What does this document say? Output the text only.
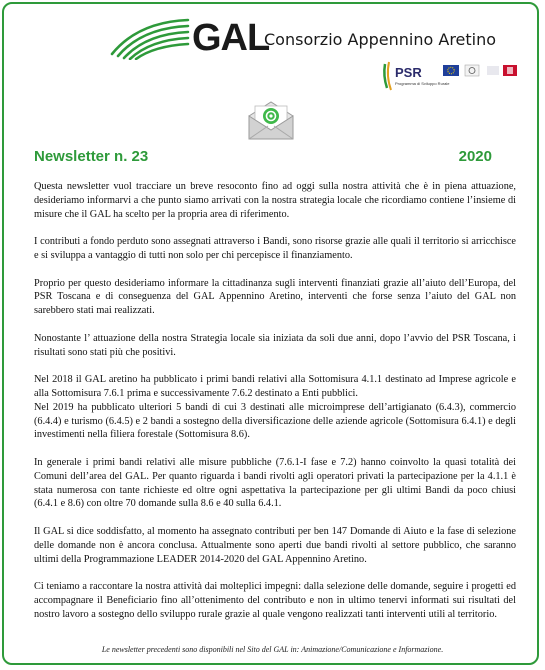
GAL
Consorzio Appennino Aretino
PSR
Programma di Sviluppo Rurale
Newsletter n. 23	2020

Questa newsletter vuol tracciare un breve resoconto fino ad oggi sulla nostra attività che è in piena attuazione, desideriamo informarvi a che punto siamo arrivati con la nostra strategia locale che ricordiamo contiene l’insieme di misure che il GAL ha scelto per la propria area di riferimento.

I contributi a fondo perduto sono assegnati attraverso i Bandi, sono risorse grazie alle quali il territorio si arricchisce e si sviluppa a vantaggio di tutti non solo per chi percepisce il finanziamento.

Proprio per questo desideriamo informare la cittadinanza sugli interventi finanziati grazie all’aiuto dell’Europa, del PSR Toscana e di conseguenza del GAL Appennino Aretino, interventi che forse senza l’aiuto del GAL non sarebbero stati mai realizzati.

Nonostante l’ attuazione della nostra Strategia locale sia iniziata da soli due anni, dopo l’avvio del PSR Toscana, i risultati sono stati più che positivi.

Nel 2018 il GAL aretino ha pubblicato i primi bandi relativi alla Sottomisura 4.1.1 destinato ad Imprese agricole e alla Sottomisura 7.6.1 prima e successivamente 7.6.2 destinato a Enti pubblici.

Nel 2019 ha pubblicato ulteriori 5 bandi di cui 3 destinati alle microimprese dell’artigianato (6.4.3), commercio (6.4.4) e turismo (6.4.5) e 2 bandi a sostegno della diversificazione delle aziende agricole (Sottomisura 6.4.1) e degli investimenti nella filiera forestale (Sottomisura 8.6).

In generale i primi bandi relativi alle misure pubbliche (7.6.1-I fase e 7.2) hanno coinvolto la quasi totalità dei Comuni dell’area del GAL. Per quanto riguarda i bandi rivolti agli operatori privati la partecipazione per la 4.1.1 è stata numerosa con tante richieste ed oltre ogni aspettativa la partecipazione per gli ultimi Bandi da poco chiusi (6.4.1 e 8.6) con oltre 70 domande sulla 8.6 e 40 sulla 6.4.1.

Il GAL si dice soddisfatto, al momento ha assegnato contributi per ben 147 Domande di Aiuto e la fase di selezione delle domande non è ancora conclusa. Attualmente sono aperti due bandi rivolti al settore pubblico, che saranno ultimi della Programmazione LEADER 2014-2020 del GAL Appennino Aretino.

Ci teniamo a raccontare la nostra attività dai molteplici impegni: dalla selezione delle domande, seguire i progetti ed accompagnare il Beneficiario fino all’ottenimento del contributo e non in ultimo tenervi informati sui risultati del nostro lavoro a sostegno dello sviluppo rurale grazie al quale vengono realizzati tanti interventi utili al territorio.

Le newsletter precedenti sono disponibili nel Sito del GAL in: Animazione/Comunicazione e Informazione.
